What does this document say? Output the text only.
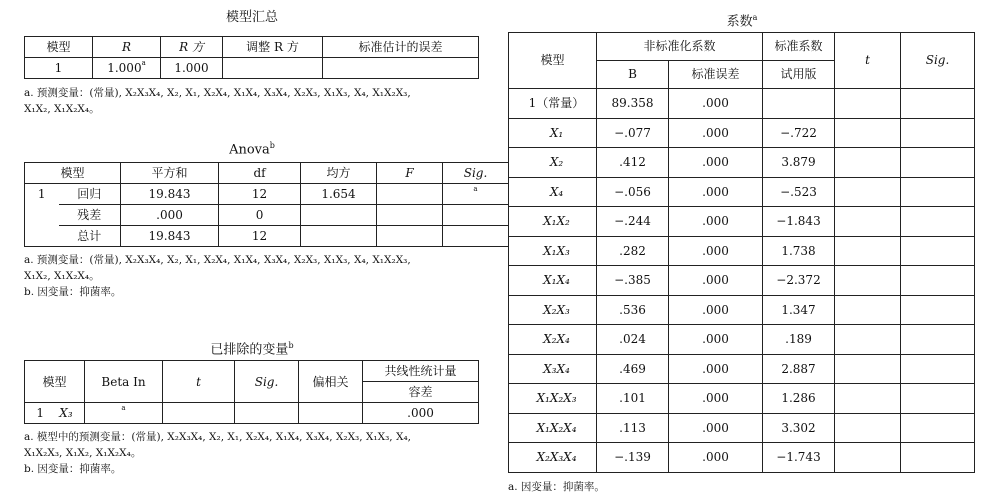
模型汇总
模型	R	R 方	调整 R 方	标准估计的误差
1	1.000$^a$	1.000		
a. 预测变量：(常量), X₂X₃X₄, X₂, X₁, X₂X₄, X₁X₄, X₃X₄, X₂X₃, X₁X₃, X₄, X₁X₂X₃,
X₁X₂, X₁X₂X₄。
Anova$^b$
模型		平方和	df	均方	F	Sig.
1	回归	19.843	12	1.654		$^a$
	残差	.000	0			
	总计	19.843	12			
a. 预测变量：(常量), X₂X₃X₄, X₂, X₁, X₂X₄, X₁X₄, X₃X₄, X₂X₃, X₁X₃, X₄, X₁X₂X₃,
X₁X₂, X₁X₂X₄。
b. 因变量：抑菌率。
已排除的变量$^b$
模型	Beta In	t	Sig.	偏相关	共线性统计量
					容差
1 X₃	$^a$				.000
a. 模型中的预测变量：(常量), X₂X₃X₄, X₂, X₁, X₂X₄, X₁X₄, X₃X₄, X₂X₃, X₁X₃, X₄,
X₁X₂X₃, X₁X₂, X₁X₂X₄。
b. 因变量：抑菌率。
系数$^a$
模型	非标准化系数		标准系数	t	Sig.
	B	标准误差	试用版		
1（常量）	89.358	.000			
X₁	−.077	.000	−.722		
X₂	.412	.000	3.879		
X₄	−.056	.000	−.523		
X₁X₂	−.244	.000	−1.843		
X₁X₃	.282	.000	1.738		
X₁X₄	−.385	.000	−2.372		
X₂X₃	.536	.000	1.347		
X₂X₄	.024	.000	.189		
X₃X₄	.469	.000	2.887		
X₁X₂X₃	.101	.000	1.286		
X₁X₂X₄	.113	.000	3.302		
X₂X₃X₄	−.139	.000	−1.743		
a. 因变量：抑菌率。
